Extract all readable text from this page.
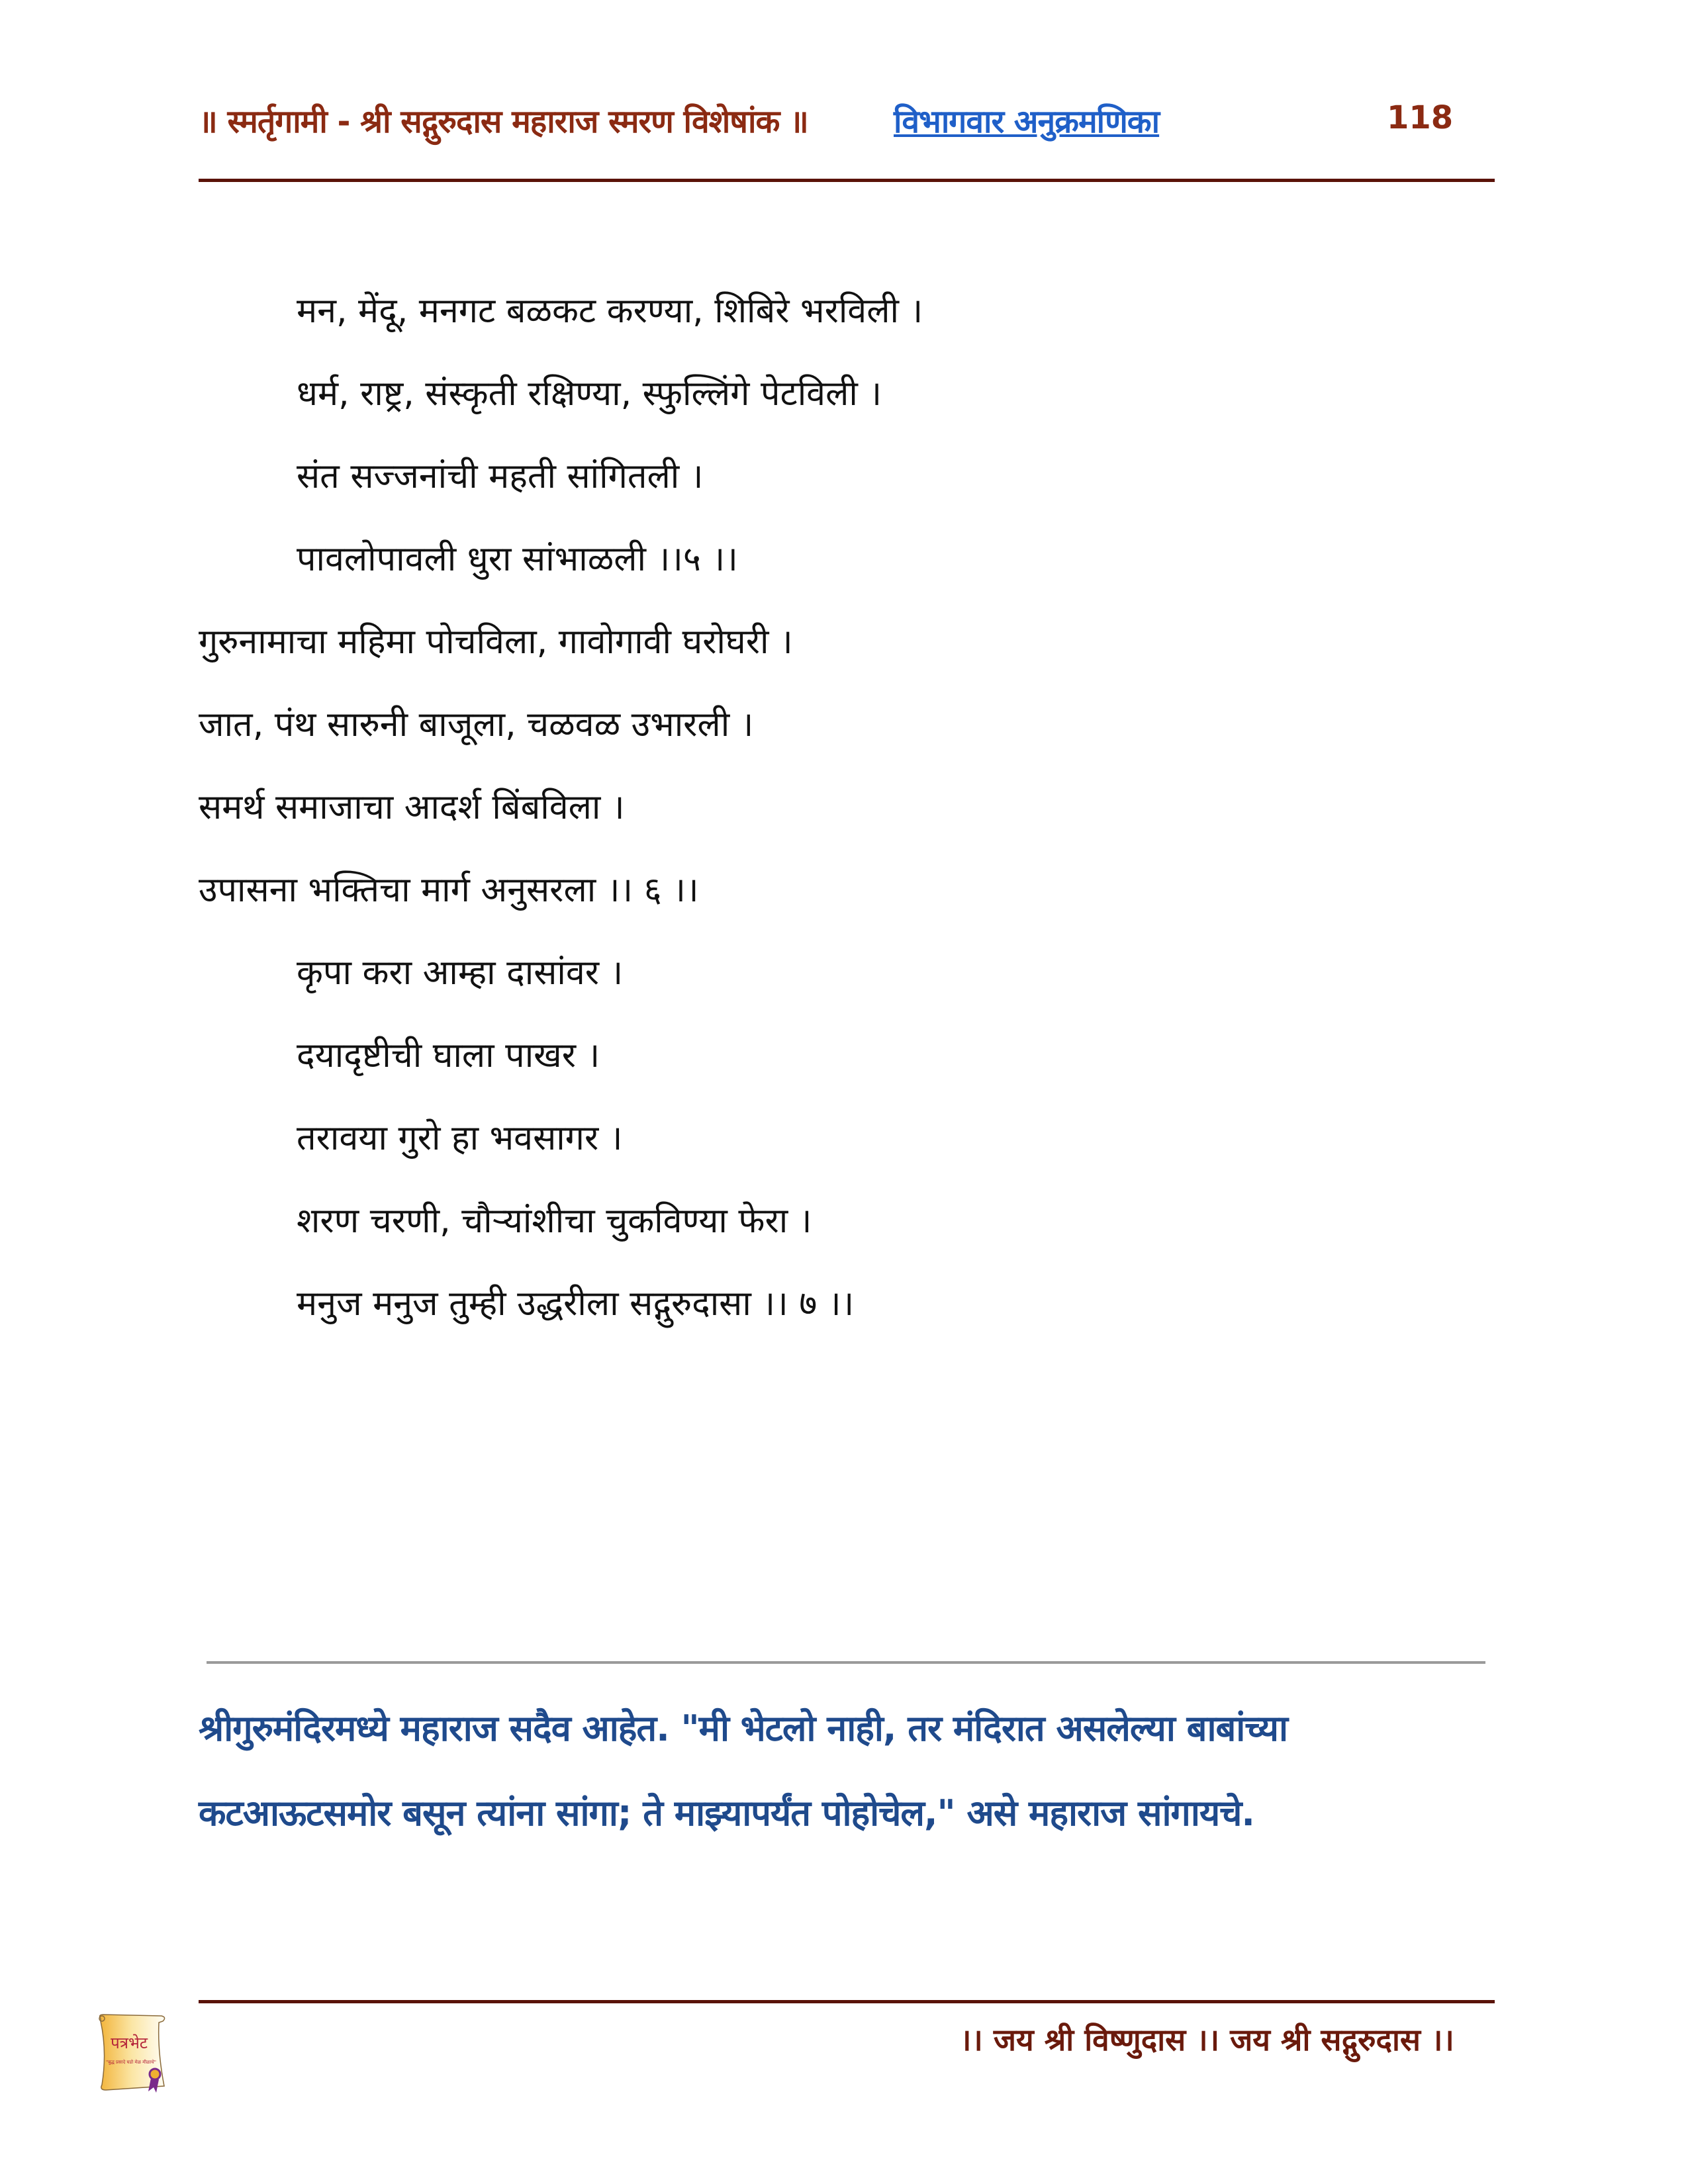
॥ स्मर्तृगामी - श्री सद्गुरुदास महाराज स्मरण विशेषांक ॥	विभागवार अनुक्रमणिका	118
मन, मेंदू, मनगट बळकट करण्या, शिबिरे भरविली ।
धर्म, राष्ट्र, संस्कृती रक्षिण्या, स्फुल्लिंगे पेटविली ।
संत सज्जनांची महती सांगितली ।
पावलोपावली धुरा सांभाळली ।।५ ।।
गुरुनामाचा महिमा पोचविला, गावोगावी घरोघरी ।
जात, पंथ सारुनी बाजूला, चळवळ उभारली ।
समर्थ समाजाचा आदर्श बिंबविला ।
उपासना भक्तिचा मार्ग अनुसरला ।। ६ ।।
कृपा करा आम्हा दासांवर ।
दयादृष्टीची घाला पाखर ।
तरावया गुरो हा भवसागर ।
शरण चरणी, चौऱ्यांशीचा चुकविण्या फेरा ।
मनुज मनुज तुम्ही उद्धरीला सद्गुरुदासा ।। ७ ।।
श्रीगुरुमंदिरमध्ये महाराज सदैव आहेत. "मी भेटलो नाही, तर मंदिरात असलेल्या बाबांच्या
कटआऊटसमोर बसून त्यांना सांगा; ते माझ्यापर्यंत पोहोचेल," असे महाराज सांगायचे.
पत्रभेट
"बुद्ध प्रसादे घडो मेळ मीळाचे"
।। जय श्री विष्णुदास ।। जय श्री सद्गुरुदास ।।
